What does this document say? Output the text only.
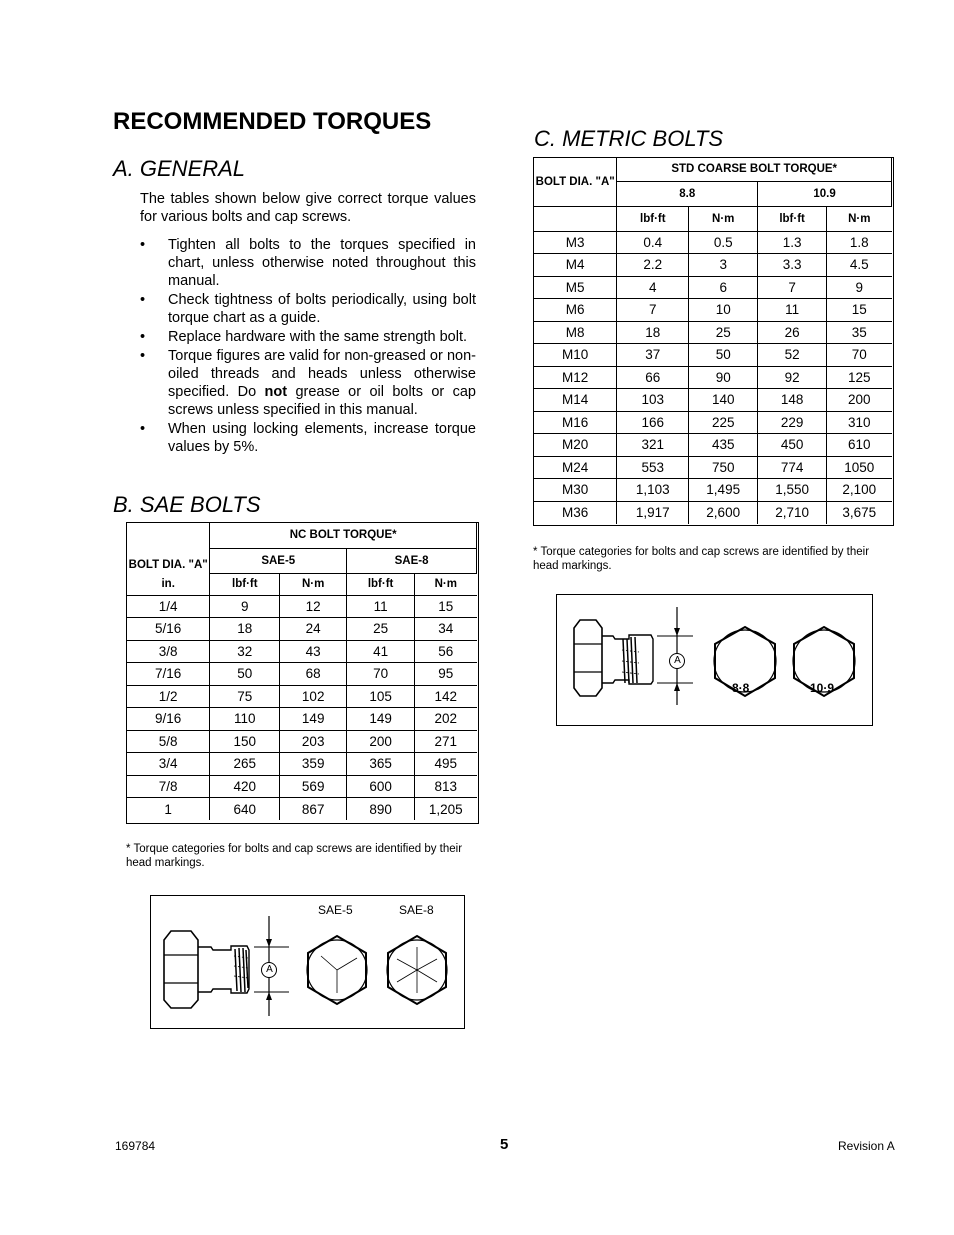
RECOMMENDED TORQUES
A. GENERAL

The tables shown below give correct torque values for various bolts and cap screws.

• Tighten all bolts to the torques specified in chart, unless otherwise noted throughout this manual.
• Check tightness of bolts periodically, using bolt torque chart as a guide.
• Replace hardware with the same strength bolt.
• Torque figures are valid for non-greased or non-oiled threads and heads unless otherwise specified. Do not grease or oil bolts or cap screws unless specified in this manual.
• When using locking elements, increase torque values by 5%.
B. SAE BOLTS
BOLT DIA. "A"	NC BOLT TORQUE*			
	SAE-5		SAE-8	
in.	lbf·ft	N·m	lbf·ft	N·m
1/4	9	12	11	15
5/16	18	24	25	34
3/8	32	43	41	56
7/16	50	68	70	95
1/2	75	102	105	142
9/16	110	149	149	202
5/8	150	203	200	271
3/4	265	359	365	495
7/8	420	569	600	813
1	640	867	890	1,205

* Torque categories for bolts and cap screws are identified by their head markings.

SAE-5	SAE-8
A
C. METRIC BOLTS
BOLT DIA. "A"	STD COARSE BOLT TORQUE*			
	8.8		10.9	
	lbf·ft	N·m	lbf·ft	N·m
M3	0.4	0.5	1.3	1.8
M4	2.2	3	3.3	4.5
M5	4	6	7	9
M6	7	10	11	15
M8	18	25	26	35
M10	37	50	52	70
M12	66	90	92	125
M14	103	140	148	200
M16	166	225	229	310
M20	321	435	450	610
M24	553	750	774	1050
M30	1,103	1,495	1,550	2,100
M36	1,917	2,600	2,710	3,675

* Torque categories for bolts and cap screws are identified by their head markings.

A
8·8	10·9
169784	5	Revision A
